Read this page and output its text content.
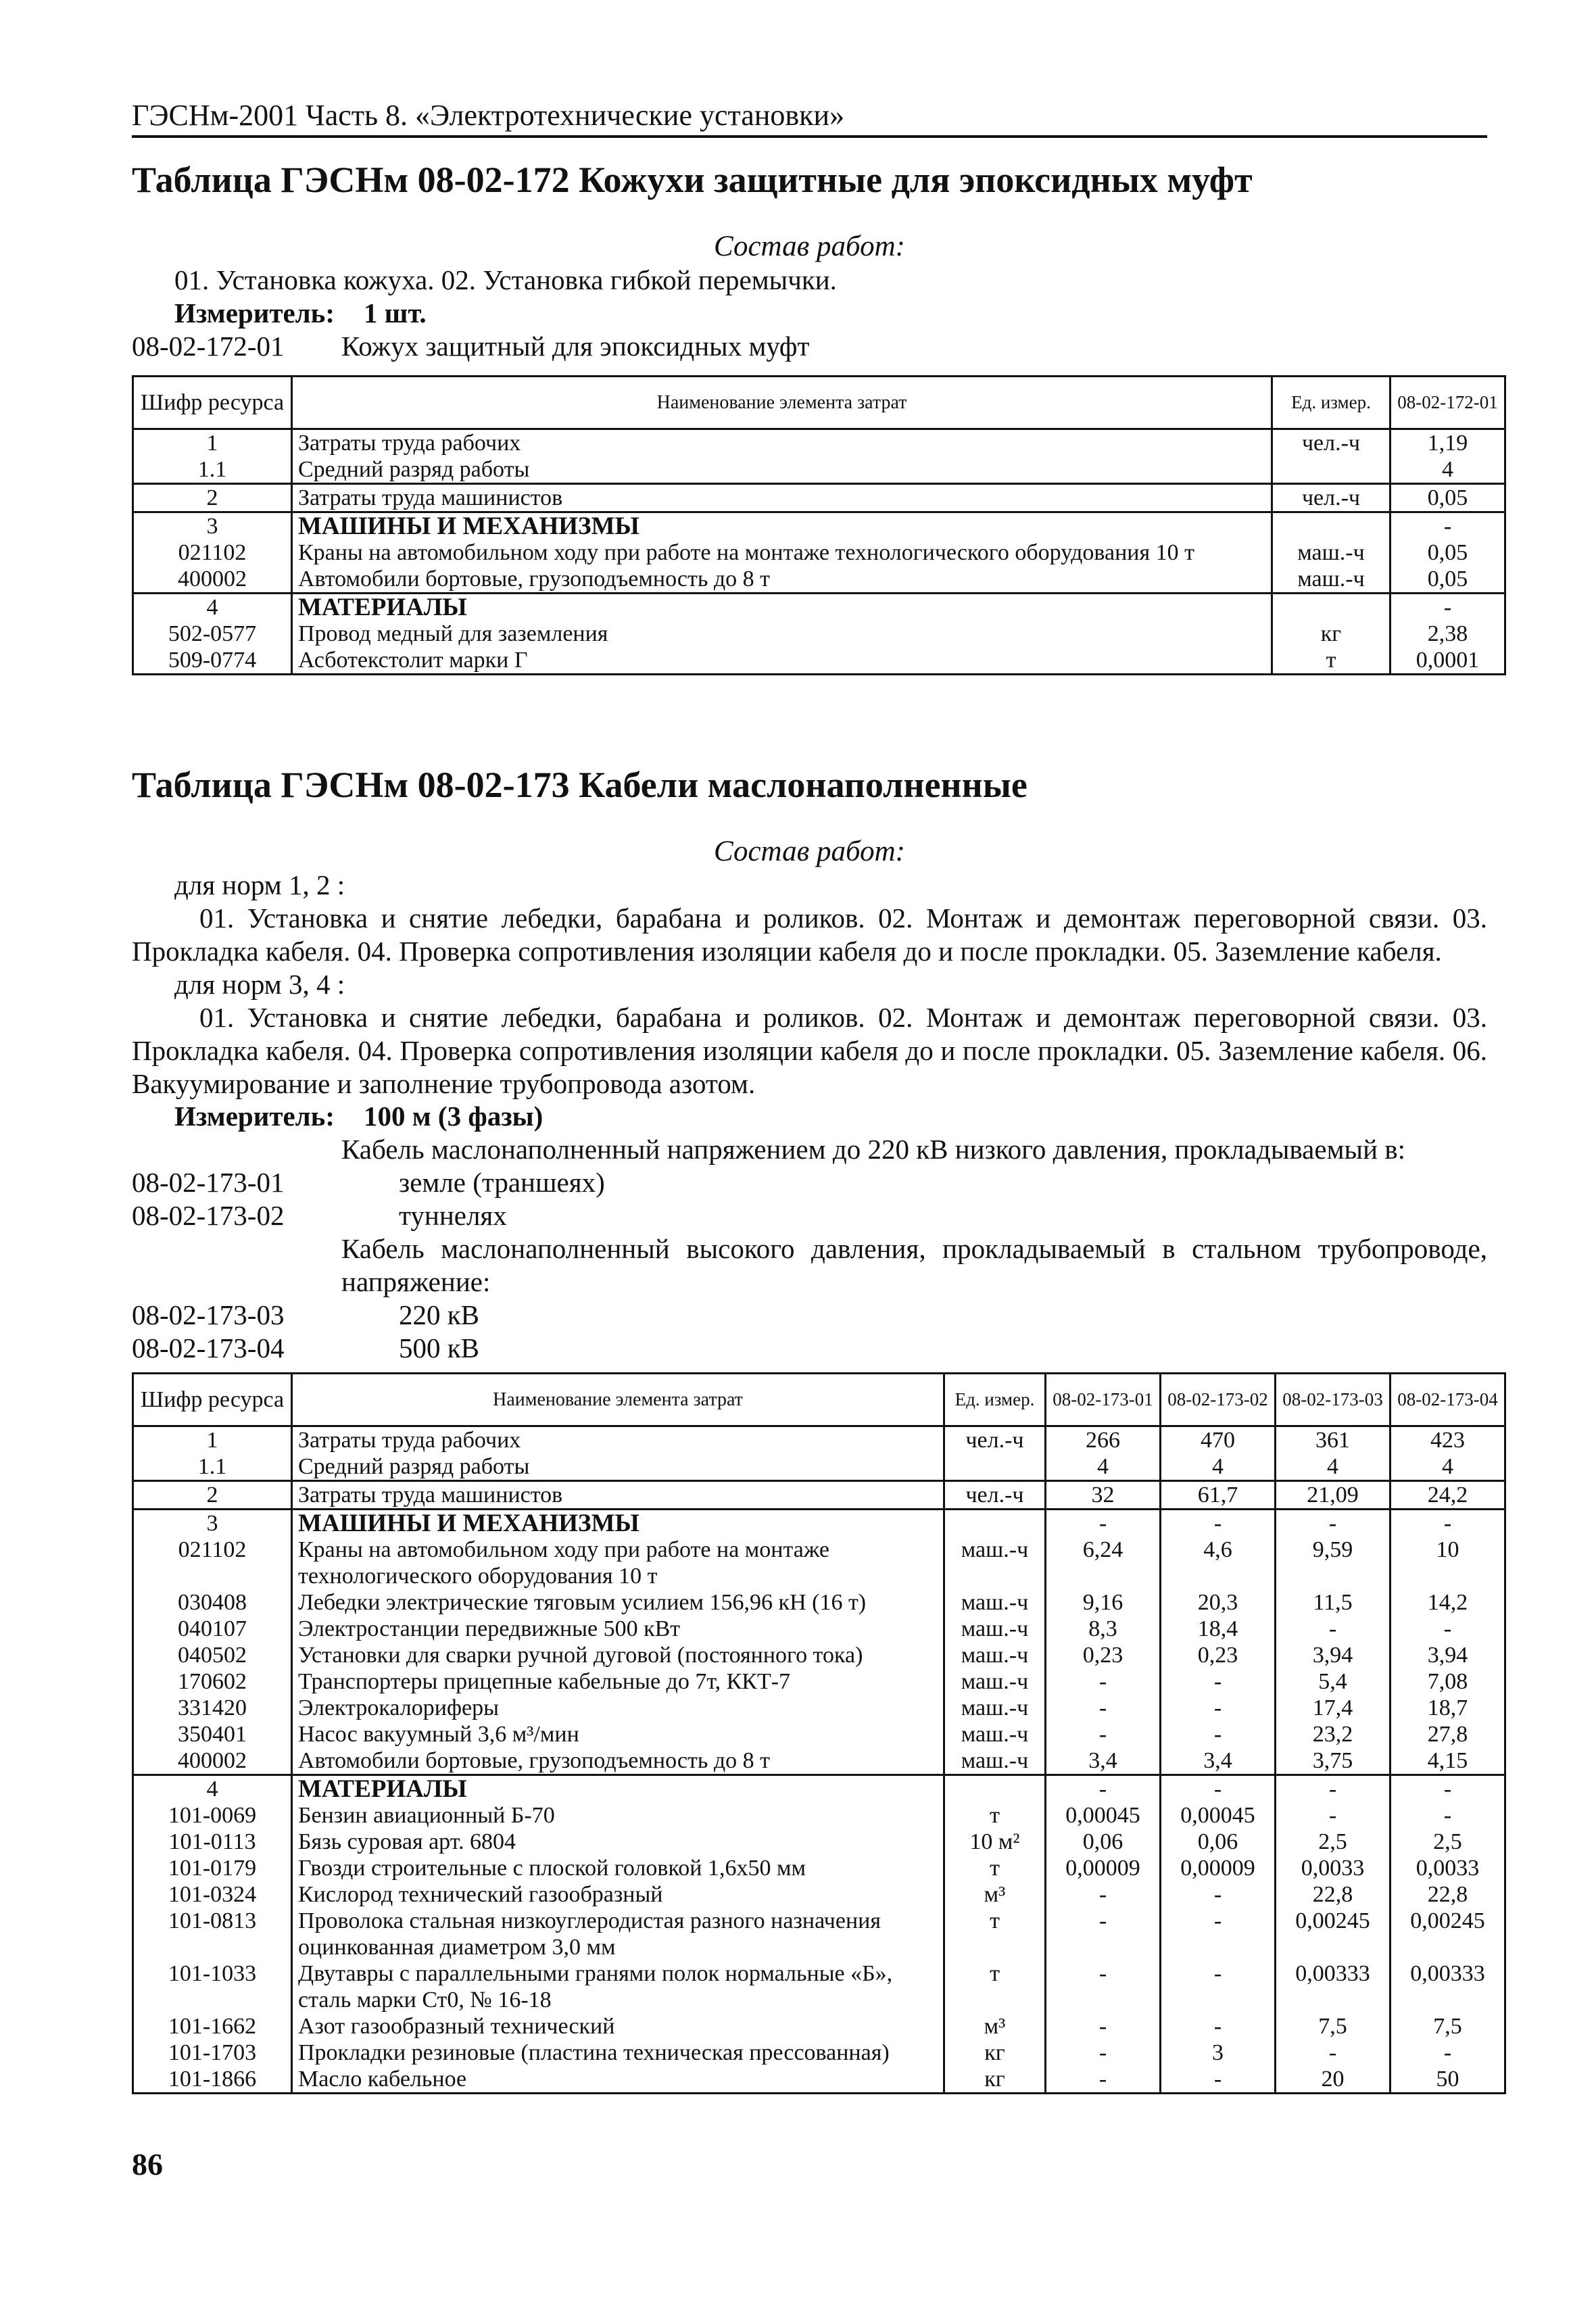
ГЭСНм-2001 Часть 8. «Электротехнические установки»
Таблица ГЭСНм 08-02-172 Кожухи защитные для эпоксидных муфт
Состав работ:
01. Установка кожуха. 02. Установка гибкой перемычки.
Измеритель: 1 шт.
08-02-172-01 Кожух защитный для эпоксидных муфт
Шифр ресурса	Наименование элемента затрат	Ед. измер.	08-02-172-01
1	Затраты труда рабочих	чел.-ч	1,19
1.1	Средний разряд работы		4
2	Затраты труда машинистов	чел.-ч	0,05
3	МАШИНЫ И МЕХАНИЗМЫ		-
021102	Краны на автомобильном ходу при работе на монтаже технологического оборудования 10 т	маш.-ч	0,05
400002	Автомобили бортовые, грузоподъемность до 8 т	маш.-ч	0,05
4	МАТЕРИАЛЫ		-
502-0577	Провод медный для заземления	кг	2,38
509-0774	Асботекстолит марки Г	т	0,0001
Таблица ГЭСНм 08-02-173 Кабели маслонаполненные
Состав работ:
для норм 1, 2 :
01. Установка и снятие лебедки, барабана и роликов. 02. Монтаж и демонтаж переговорной связи. 03. Прокладка кабеля. 04. Проверка сопротивления изоляции кабеля до и после прокладки. 05. Заземление кабеля.
для норм 3, 4 :
01. Установка и снятие лебедки, барабана и роликов. 02. Монтаж и демонтаж переговорной связи. 03. Прокладка кабеля. 04. Проверка сопротивления изоляции кабеля до и после прокладки. 05. Заземление кабеля. 06. Вакуумирование и заполнение трубопровода азотом.
Измеритель: 100 м (3 фазы)
Кабель маслонаполненный напряжением до 220 кВ низкого давления, прокладываемый в:
08-02-173-01	земле (траншеях)
08-02-173-02	туннелях
Кабель маслонаполненный высокого давления, прокладываемый в стальном трубопроводе, напряжение:
08-02-173-03	220 кВ
08-02-173-04	500 кВ
Шифр ресурса	Наименование элемента затрат	Ед. измер.	08-02-173-01	08-02-173-02	08-02-173-03	08-02-173-04
1	Затраты труда рабочих	чел.-ч	266	470	361	423
1.1	Средний разряд работы		4	4	4	4
2	Затраты труда машинистов	чел.-ч	32	61,7	21,09	24,2
3	МАШИНЫ И МЕХАНИЗМЫ		-	-	-	-
021102	Краны на автомобильном ходу при работе на монтаже технологического оборудования 10 т	маш.-ч	6,24	4,6	9,59	10
030408	Лебедки электрические тяговым усилием 156,96 кН (16 т)	маш.-ч	9,16	20,3	11,5	14,2
040107	Электростанции передвижные 500 кВт	маш.-ч	8,3	18,4	-	-
040502	Установки для сварки ручной дуговой (постоянного тока)	маш.-ч	0,23	0,23	3,94	3,94
170602	Транспортеры прицепные кабельные до 7т, ККТ-7	маш.-ч	-	-	5,4	7,08
331420	Электрокалориферы	маш.-ч	-	-	17,4	18,7
350401	Насос вакуумный 3,6 м³/мин	маш.-ч	-	-	23,2	27,8
400002	Автомобили бортовые, грузоподъемность до 8 т	маш.-ч	3,4	3,4	3,75	4,15
4	МАТЕРИАЛЫ		-	-	-	-
101-0069	Бензин авиационный Б-70	т	0,00045	0,00045	-	-
101-0113	Бязь суровая арт. 6804	10 м²	0,06	0,06	2,5	2,5
101-0179	Гвозди строительные с плоской головкой 1,6х50 мм	т	0,00009	0,00009	0,0033	0,0033
101-0324	Кислород технический газообразный	м³	-	-	22,8	22,8
101-0813	Проволока стальная низкоуглеродистая разного назначения оцинкованная диаметром 3,0 мм	т	-	-	0,00245	0,00245
101-1033	Двутавры с параллельными гранями полок нормальные «Б», сталь марки Ст0, № 16-18	т	-	-	0,00333	0,00333
101-1662	Азот газообразный технический	м³	-	-	7,5	7,5
101-1703	Прокладки резиновые (пластина техническая прессованная)	кг	-	3	-	-
101-1866	Масло кабельное	кг	-	-	20	50
86
